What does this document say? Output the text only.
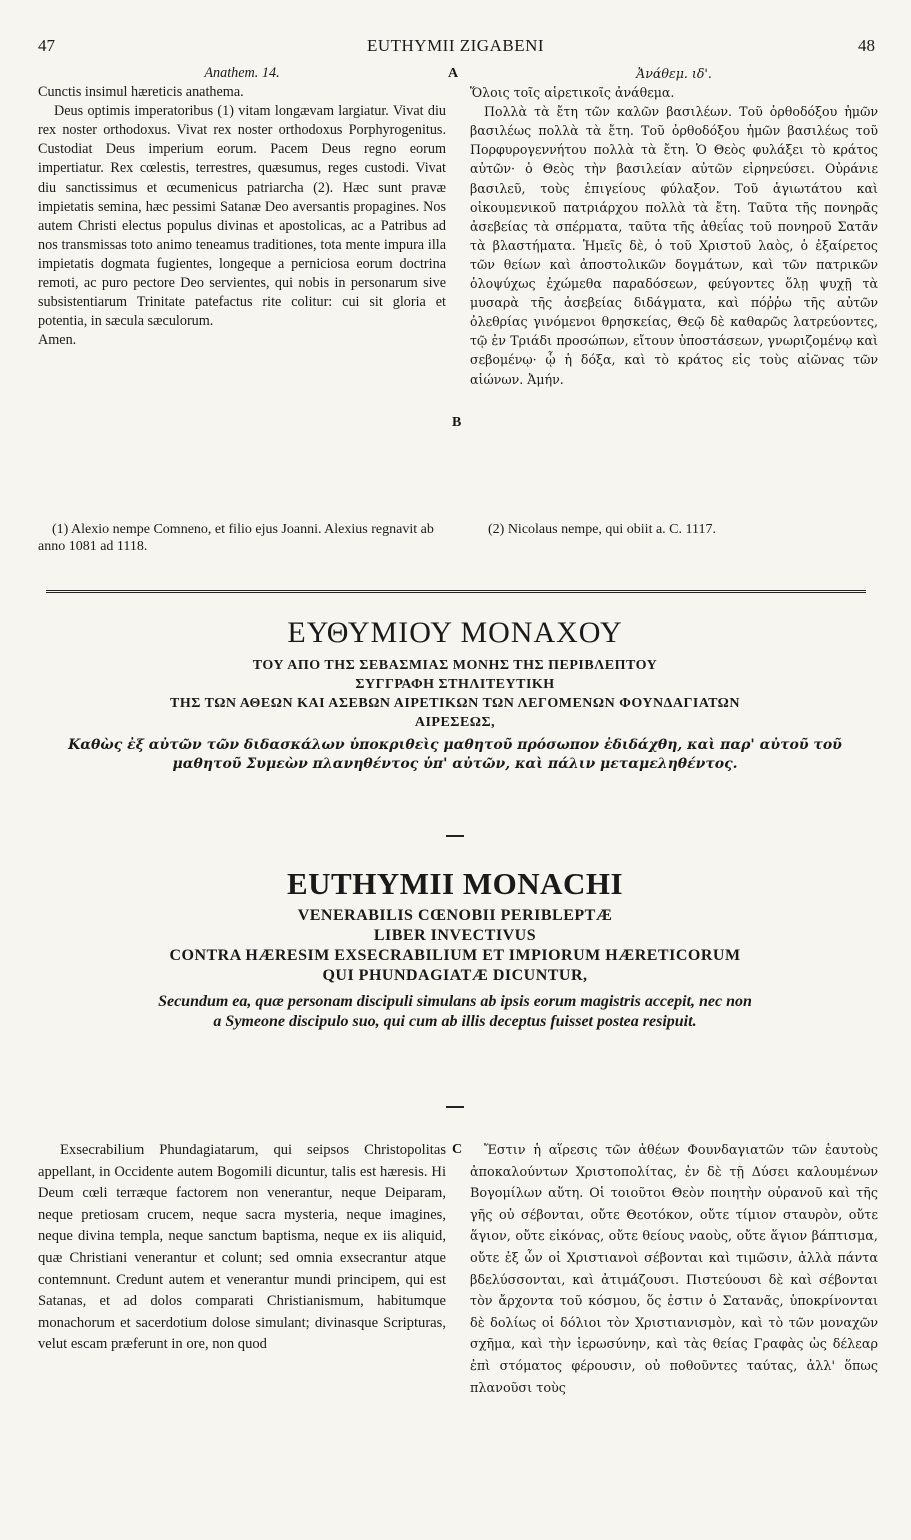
47	EUTHYMII ZIGABENI	48

Anathem. 14.

Cunctis insimul hæreticis anathema.

Deus optimis imperatoribus (1) vitam longævam largiatur. Vivat diu rex noster orthodoxus. Vivat rex noster orthodoxus Porphyrogenitus. Custodiat Deus imperium eorum. Pacem Deus regno eorum impertiatur. Rex cœlestis, terrestres, quæsumus, reges custodi. Vivat diu sanctissimus et œcumenicus patriarcha (2). Hæc sunt pravæ impietatis semina, hæc pessimi Satanæ Deo aversantis propagines. Nos autem Christi electus populus divinas et apostolicas, ac a Patribus ad nos transmissas toto animo teneamus traditiones, tota mente impura illa impietatis dogmata fugientes, longeque a perniciosa eorum doctrina remoti, ac puro pectore Deo servientes, qui nobis in personarum sive subsistentiarum Trinitate patefactus rite colitur: cui sit gloria et potentia, in sæcula sæculorum.

Amen.

A
B

Ἀνάθεμ. ιδ'.

Ὅλοις τοῖς αἱρετικοῖς ἀνάθεμα.

Πολλὰ τὰ ἔτη τῶν καλῶν βασιλέων. Τοῦ ὀρθοδόξου ἡμῶν βασιλέως πολλὰ τὰ ἔτη. Τοῦ ὀρθοδόξου ἡμῶν βασιλέως τοῦ Πορφυρογεννήτου πολλὰ τὰ ἔτη. Ὁ Θεὸς φυλάξει τὸ κράτος αὐτῶν· ὁ Θεὸς τὴν βασιλείαν αὐτῶν εἰρηνεύσει. Οὐράνιε βασιλεῦ, τοὺς ἐπιγείους φύλαξον. Τοῦ ἁγιωτάτου καὶ οἰκουμενικοῦ πατριάρχου πολλὰ τὰ ἔτη. Ταῦτα τῆς πονηρᾶς ἀσεβείας τὰ σπέρματα, ταῦτα τῆς ἀθεΐας τοῦ πονηροῦ Σατᾶν τὰ βλαστήματα. Ἡμεῖς δὲ, ὁ τοῦ Χριστοῦ λαὸς, ὁ ἐξαίρετος τῶν θείων καὶ ἀποστολικῶν δογμάτων, καὶ τῶν πατρικῶν ὁλοψύχως ἐχώμεθα παραδόσεων, φεύγοντες ὅλῃ ψυχῇ τὰ μυσαρὰ τῆς ἀσεβείας διδάγματα, καὶ πόῤῥω τῆς αὐτῶν ὀλεθρίας γινόμενοι θρησκείας, Θεῷ δὲ καθαρῶς λατρεύοντες, τῷ ἐν Τριάδι προσώπων, εἴτουν ὑποστάσεων, γνωριζομένῳ καὶ σεβομένῳ· ᾧ ἡ δόξα, καὶ τὸ κράτος εἰς τοὺς αἰῶνας τῶν αἰώνων. Ἀμήν.

(1) Alexio nempe Comneno, et filio ejus Joanni. Alexius regnavit ab anno 1081 ad 1118.
(2) Nicolaus nempe, qui obiit a. C. 1117.

ΕΥΘΥΜΙΟΥ ΜΟΝΑΧΟΥ

ΤΟΥ ΑΠΟ ΤΗΣ ΣΕΒΑΣΜΙΑΣ ΜΟΝΗΣ ΤΗΣ ΠΕΡΙΒΛΕΠΤΟΥ

ΣΥΓΓΡΑΦΗ ΣΤΗΛΙΤΕΥΤΙΚΗ

ΤΗΣ ΤΩΝ ΑΘΕΩΝ ΚΑΙ ΑΣΕΒΩΝ ΑΙΡΕΤΙΚΩΝ ΤΩΝ ΛΕΓΟΜΕΝΩΝ ΦΟΥΝΔΑΓΙΑΤΩΝ

ΑΙΡΕΣΕΩΣ,

Καθὼς ἐξ αὐτῶν τῶν διδασκάλων ὑποκριθεὶς μαθητοῦ πρόσωπον ἐδιδάχθη, καὶ παρ' αὐτοῦ τοῦ

μαθητοῦ Συμεὼν πλανηθέντος ὑπ' αὐτῶν, καὶ πάλιν μεταμεληθέντος.

EUTHYMII MONACHI

VENERABILIS CŒNOBII PERIBLEPTÆ

LIBER INVECTIVUS

CONTRA HÆRESIM EXSECRABILIUM ET IMPIORUM HÆRETICORUM

QUI PHUNDAGIATÆ DICUNTUR,

Secundum ea, quæ personam discipuli simulans ab ipsis eorum magistris accepit, nec non

a Symeone discipulo suo, qui cum ab illis deceptus fuisset postea resipuit.

Exsecrabilium Phundagiatarum, qui seipsos Christopolitas appellant, in Occidente autem Bogomili dicuntur, talis est hæresis. Hi Deum cœli terræque factorem non venerantur, neque Deiparam, neque pretiosam crucem, neque sacra mysteria, neque imagines, neque divina templa, neque sanctum baptisma, neque ex iis aliquid, quæ Christiani venerantur et colunt; sed omnia exsecrantur atque contemnunt. Credunt autem et venerantur mundi principem, qui est Satanas, et ad dolos comparati Christianismum, habitumque monachorum et sacerdotium dolose simulant; divinasque Scripturas, velut escam præferunt in ore, non quod
C	Ἔστιν ἡ αἵρεσις τῶν ἀθέων Φουνδαγιατῶν τῶν ἑαυτοὺς ἀποκαλούντων Χριστοπολίτας, ἐν δὲ τῇ Δύσει καλουμένων Βογομίλων αὕτη. Οἱ τοιοῦτοι Θεὸν ποιητὴν οὐρανοῦ καὶ τῆς γῆς οὐ σέβονται, οὔτε Θεοτόκον, οὔτε τίμιον σταυρὸν, οὔτε ἅγιον, οὔτε εἰκόνας, οὔτε θείους ναοὺς, οὔτε ἅγιον βάπτισμα, οὔτε ἐξ ὧν οἱ Χριστιανοὶ σέβονται καὶ τιμῶσιν, ἀλλὰ πάντα βδελύσσονται, καὶ ἀτιμάζουσι. Πιστεύουσι δὲ καὶ σέβονται τὸν ἄρχοντα τοῦ κόσμου, ὅς ἐστιν ὁ Σατανᾶς, ὑποκρίνονται δὲ δολίως οἱ δόλιοι τὸν Χριστιανισμὸν, καὶ τὸ τῶν μοναχῶν σχῆμα, καὶ τὴν ἱερωσύνην, καὶ τὰς θείας Γραφὰς ὡς δέλεαρ ἐπὶ στόματος φέρουσιν, οὐ ποθοῦντες ταύτας, ἀλλ' ὅπως πλανοῦσι τοὺς
